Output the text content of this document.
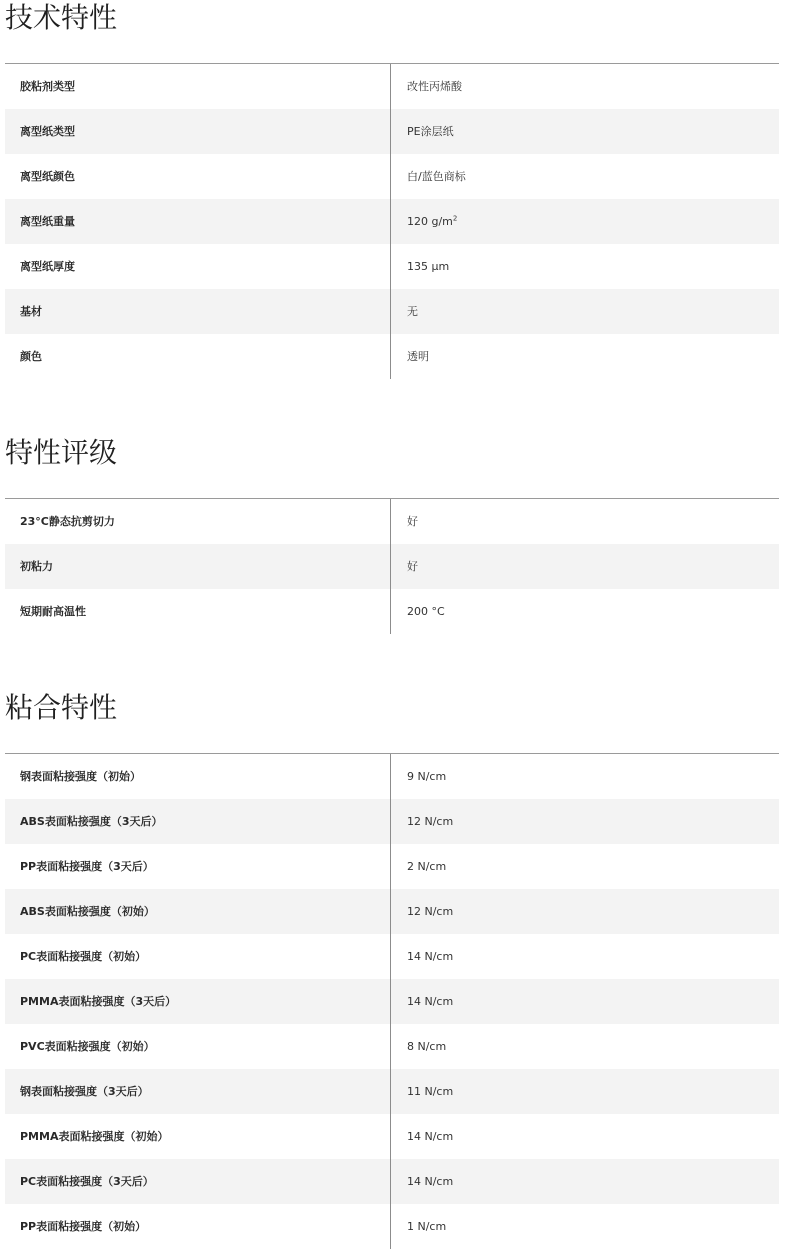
技术特性
胶粘剂类型	改性丙烯酸
离型纸类型	PE涂层纸
离型纸颜色	白/蓝色商标
离型纸重量	120 $g/m^2$
离型纸厚度	135 µm
基材	无
颜色	透明
特性评级
23°C静态抗剪切力	好
初粘力	好
短期耐高温性	200 °C
粘合特性
钢表面粘接强度（初始）	9 N/cm
ABS表面粘接强度（3天后）	12 N/cm
PP表面粘接强度（3天后）	2 N/cm
ABS表面粘接强度（初始）	12 N/cm
PC表面粘接强度（初始）	14 N/cm
PMMA表面粘接强度（3天后）	14 N/cm
PVC表面粘接强度（初始）	8 N/cm
钢表面粘接强度（3天后）	11 N/cm
PMMA表面粘接强度（初始）	14 N/cm
PC表面粘接强度（3天后）	14 N/cm
PP表面粘接强度（初始）	1 N/cm
